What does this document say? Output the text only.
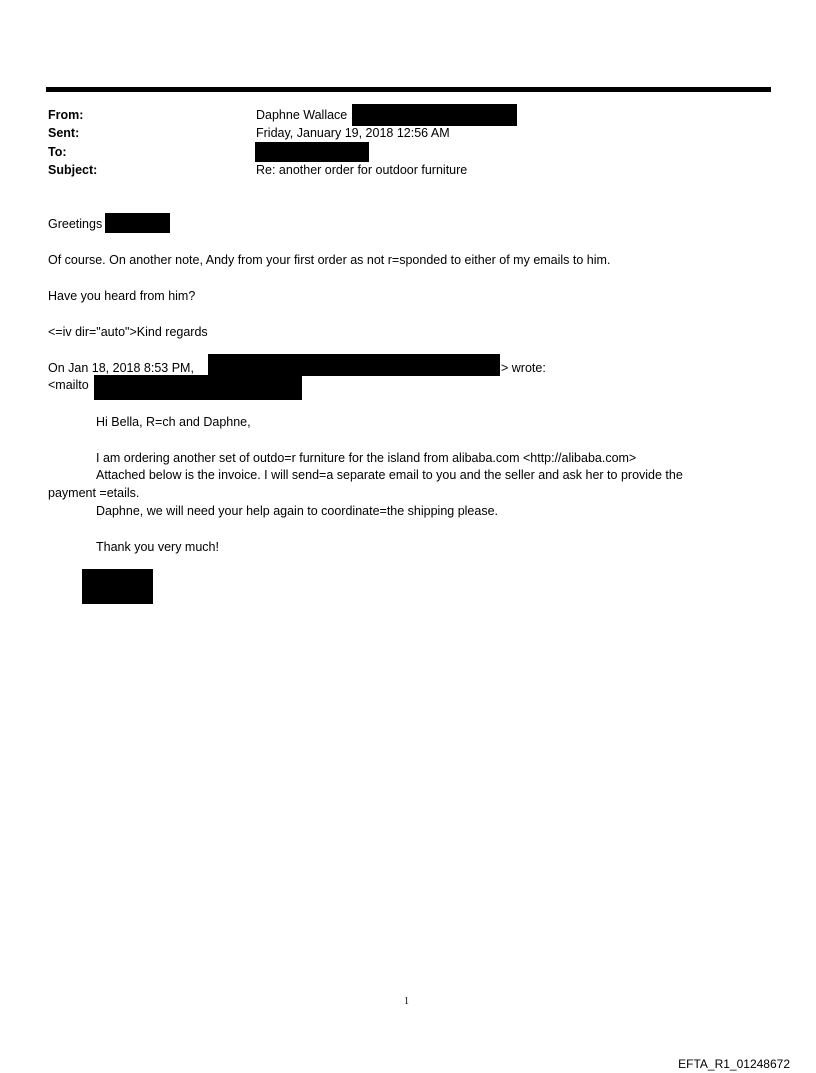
From:	Daphne Wallace
Sent:	Friday, January 19, 2018 12:56 AM
To:
Subject:	Re: another order for outdoor furniture
Greetings
Of course. On another note, Andy from your first order as not r=sponded to either of my emails to him.
Have you heard from him?
<=iv dir="auto">Kind regards
On Jan 18, 2018 8:53 PM,	> wrote:
<mailto
Hi Bella, R=ch and Daphne,
I am ordering another set of outdo=r furniture for the island from alibaba.com <http://alibaba.com>
Attached below is the invoice. I will send=a separate email to you and the seller and ask her to provide the
payment =etails.
Daphne, we will need your help again to coordinate=the shipping please.
Thank you very much!
1
EFTA_R1_01248672
